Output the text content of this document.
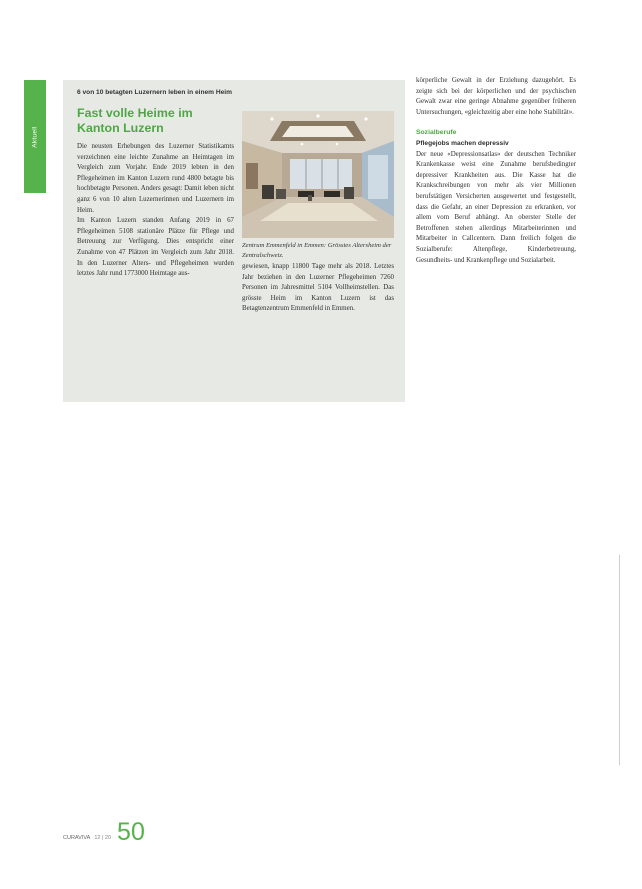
Aktuell
6 von 10 betagten Luzernern leben in einem Heim
Fast volle Heime im Kanton Luzern
Zentrum Emmenfeld in Emmen: Grösstes Altersheim der Zentralschweiz.

Die neusten Erhebungen des Luzerner Statistikamts verzeichnen eine leichte Zunahme an Heimtagen im Vergleich zum Vorjahr. Ende 2019 lebten in den Pflegeheimen im Kanton Luzern rund 4800 betagte bis hochbetagte Personen. Anders gesagt: Damit leben nicht ganz 6 von 10 alten Luzernerinnen und Luzernern im Heim.

Im Kanton Luzern standen Anfang 2019 in 67 Pflegeheimen 5108 stationäre Plätze für Pflege und Betreuung zur Verfügung. Dies entspricht einer Zunahme von 47 Plätzen im Vergleich zum Jahr 2018. In den Luzerner Alters- und Pflegeheimen wurden letztes Jahr rund 1773000 Heimtage aus-

gewiesen, knapp 11800 Tage mehr als 2018. Letztes Jahr beziehen in den Luzerner Pflegeheimen 7260 Personen im Jahresmittel 5104 Vollheimstellen. Das grösste Heim im Kanton Luzern ist das Betagtenzentrum Emmenfeld in Emmen.

körperliche Gewalt in der Erziehung dazugehört. Es zeigte sich bei der körperlichen und der psychischen Gewalt zwar eine geringe Abnahme gegenüber früheren Untersuchungen, «gleichzeitig aber eine hohe Stabilität».

Sozialberufe

Pflegejobs machen depressiv

Der neue «Depressionsatlas» der deutschen Techniker Krankenkasse weist eine Zunahme berufsbedingter depressiver Krankheiten aus. Die Kasse hat die Krankschreibungen von mehr als vier Millionen berufstätigen Versicherten ausgewertet und festgestellt, dass die Gefahr, an einer Depression zu erkranken, vor allem vom Beruf abhängt. An oberster Stelle der Betroffenen stehen allerdings Mitarbeiterinnen und Mitarbeiter in Callcentern. Dann freilich folgen die Sozialberufe: Altenpflege, Kinderbetreuung, Gesundheits- und Krankenpflege und Sozialarbeit.

CURAVIVA 12 | 20 50
